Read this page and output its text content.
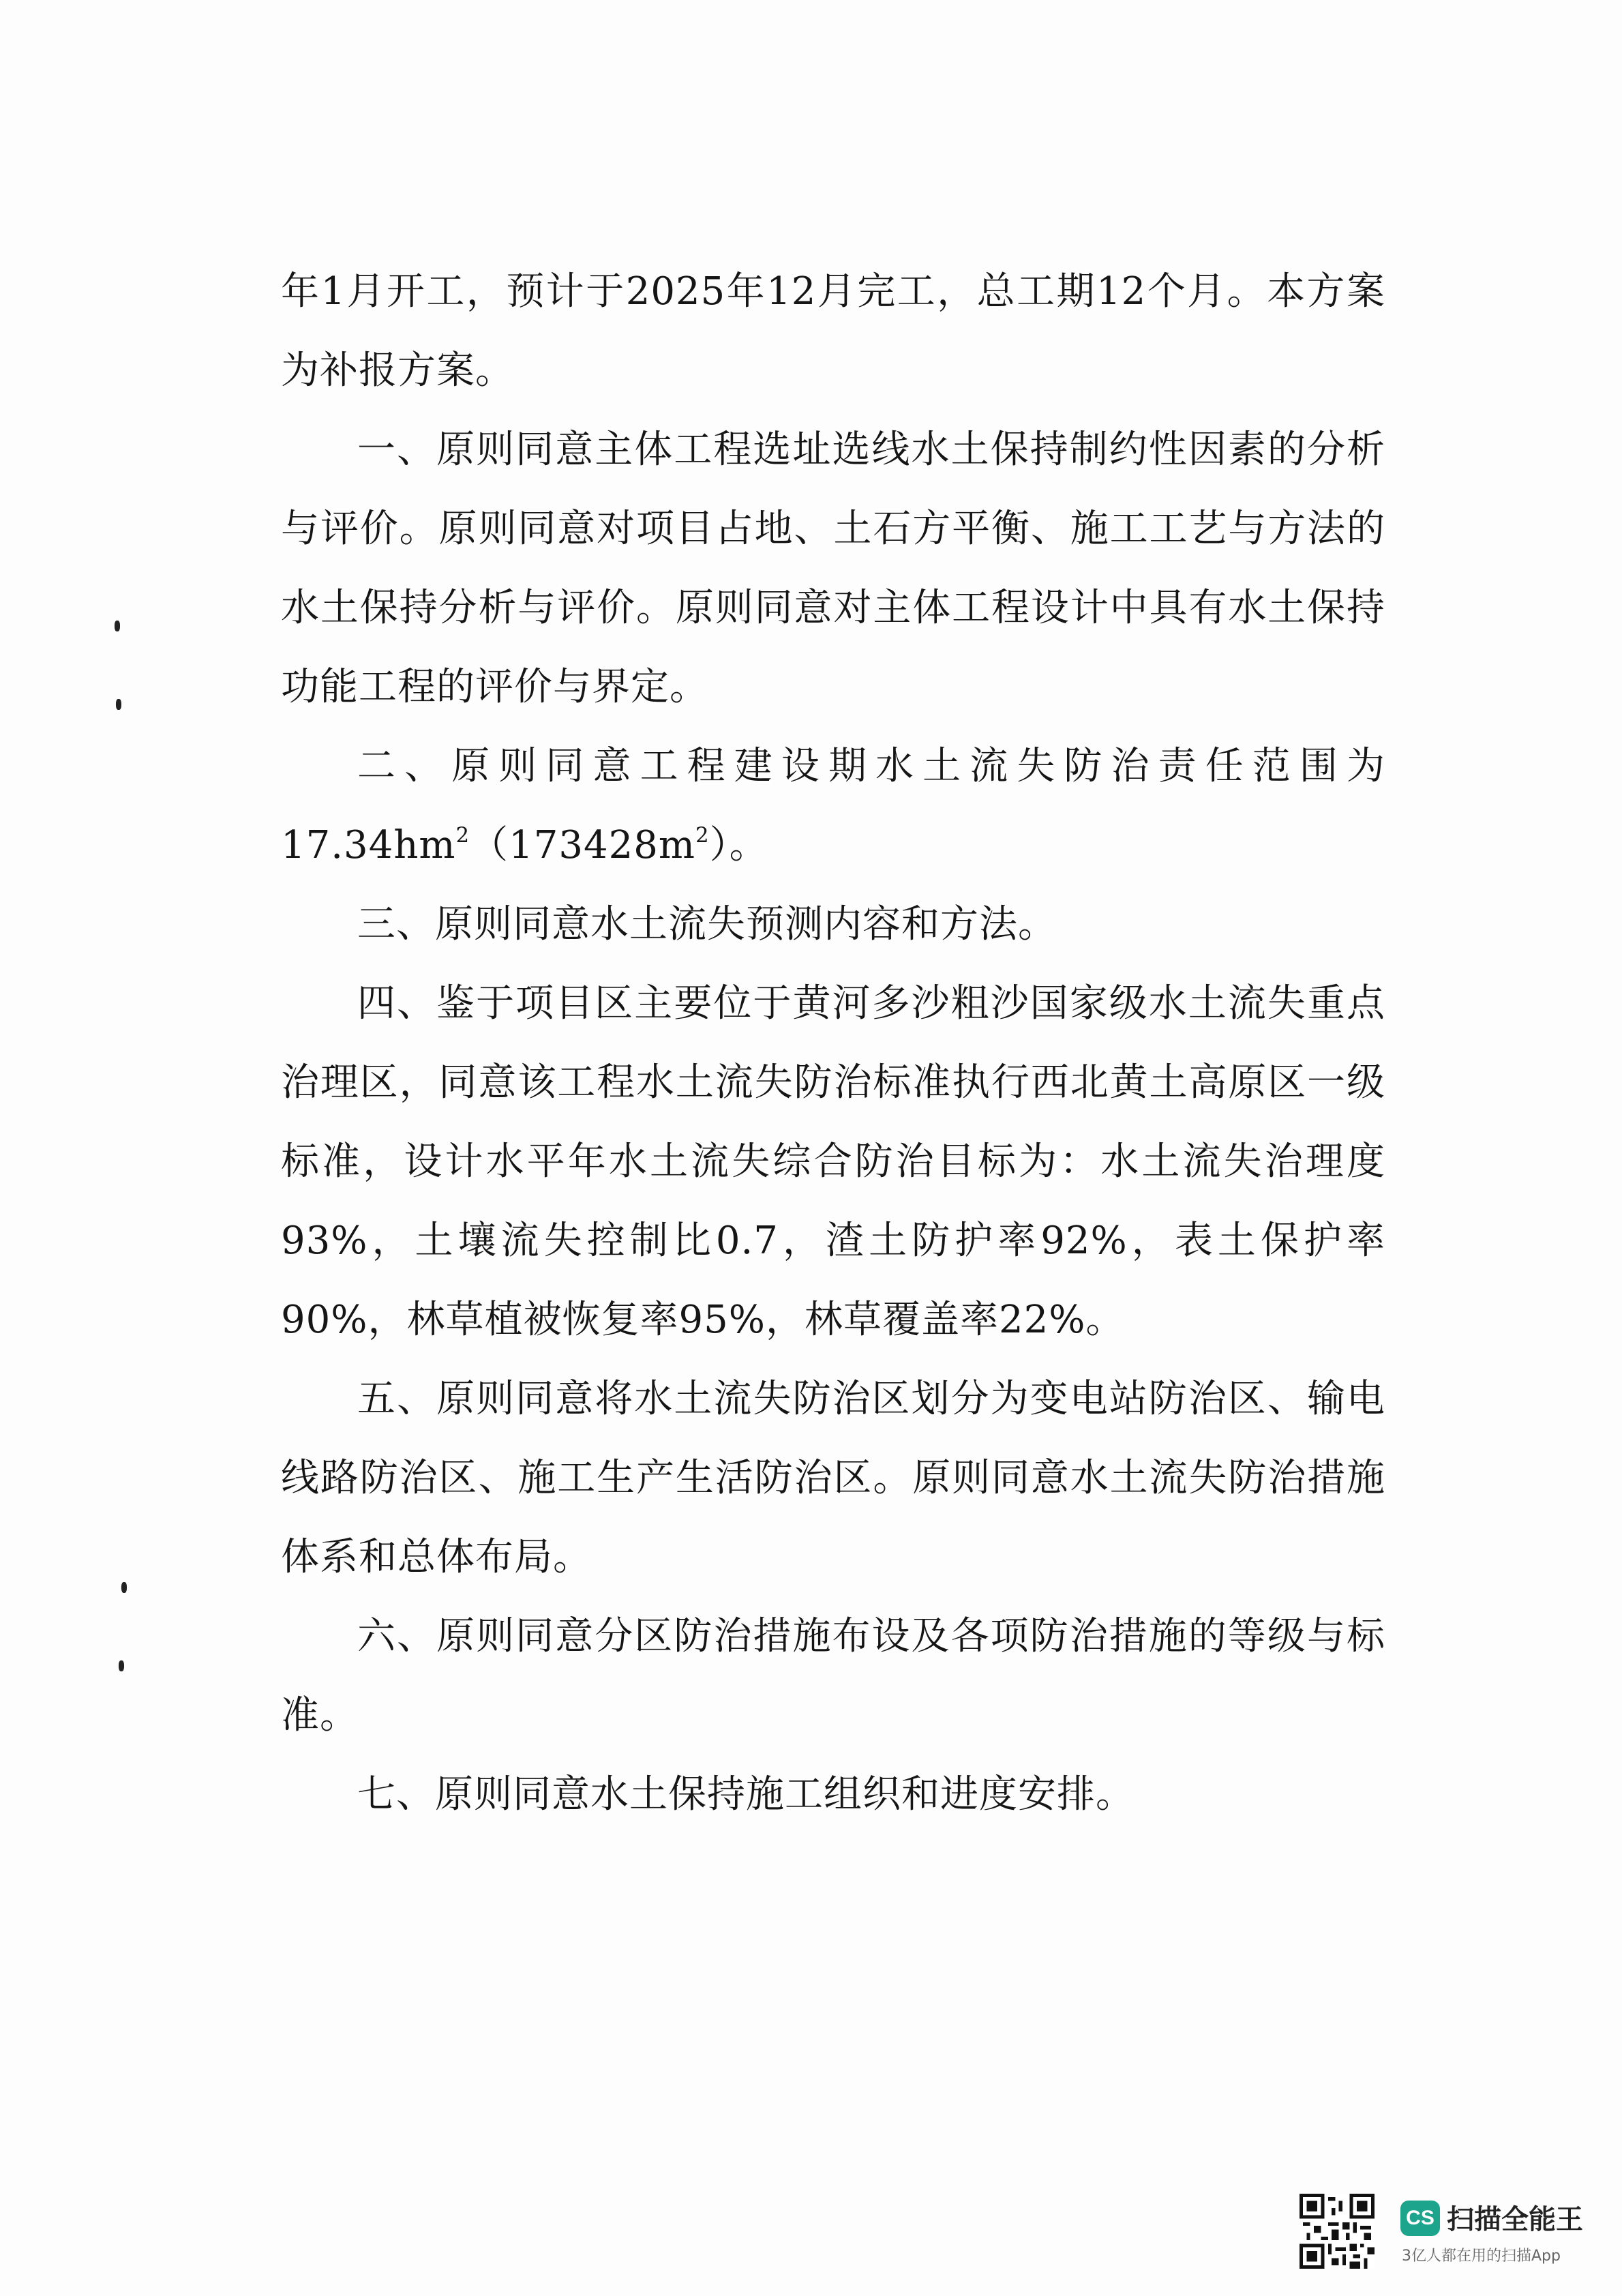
年1月开工，预计于2025年12月完工，总工期12个月。本方案为补报方案。

一、原则同意主体工程选址选线水土保持制约性因素的分析与评价。原则同意对项目占地、土石方平衡、施工工艺与方法的水土保持分析与评价。原则同意对主体工程设计中具有水土保持功能工程的评价与界定。

二、原则同意工程建设期水土流失防治责任范围为$17.34hm^2(173428m^2)$。

三、原则同意水土流失预测内容和方法。

四、鉴于项目区主要位于黄河多沙粗沙国家级水土流失重点治理区，同意该工程水土流失防治标准执行西北黄土高原区一级标准，设计水平年水土流失综合防治目标为：水土流失治理度93%，土壤流失控制比0.7，渣土防护率92%，表土保护率90%，林草植被恢复率95%，林草覆盖率22%。

五、原则同意将水土流失防治区划分为变电站防治区、输电线路防治区、施工生产生活防治区。原则同意水土流失防治措施体系和总体布局。

六、原则同意分区防治措施布设及各项防治措施的等级与标准。

七、原则同意水土保持施工组织和进度安排。

CS 扫描全能王
3亿人都在用的扫描App
